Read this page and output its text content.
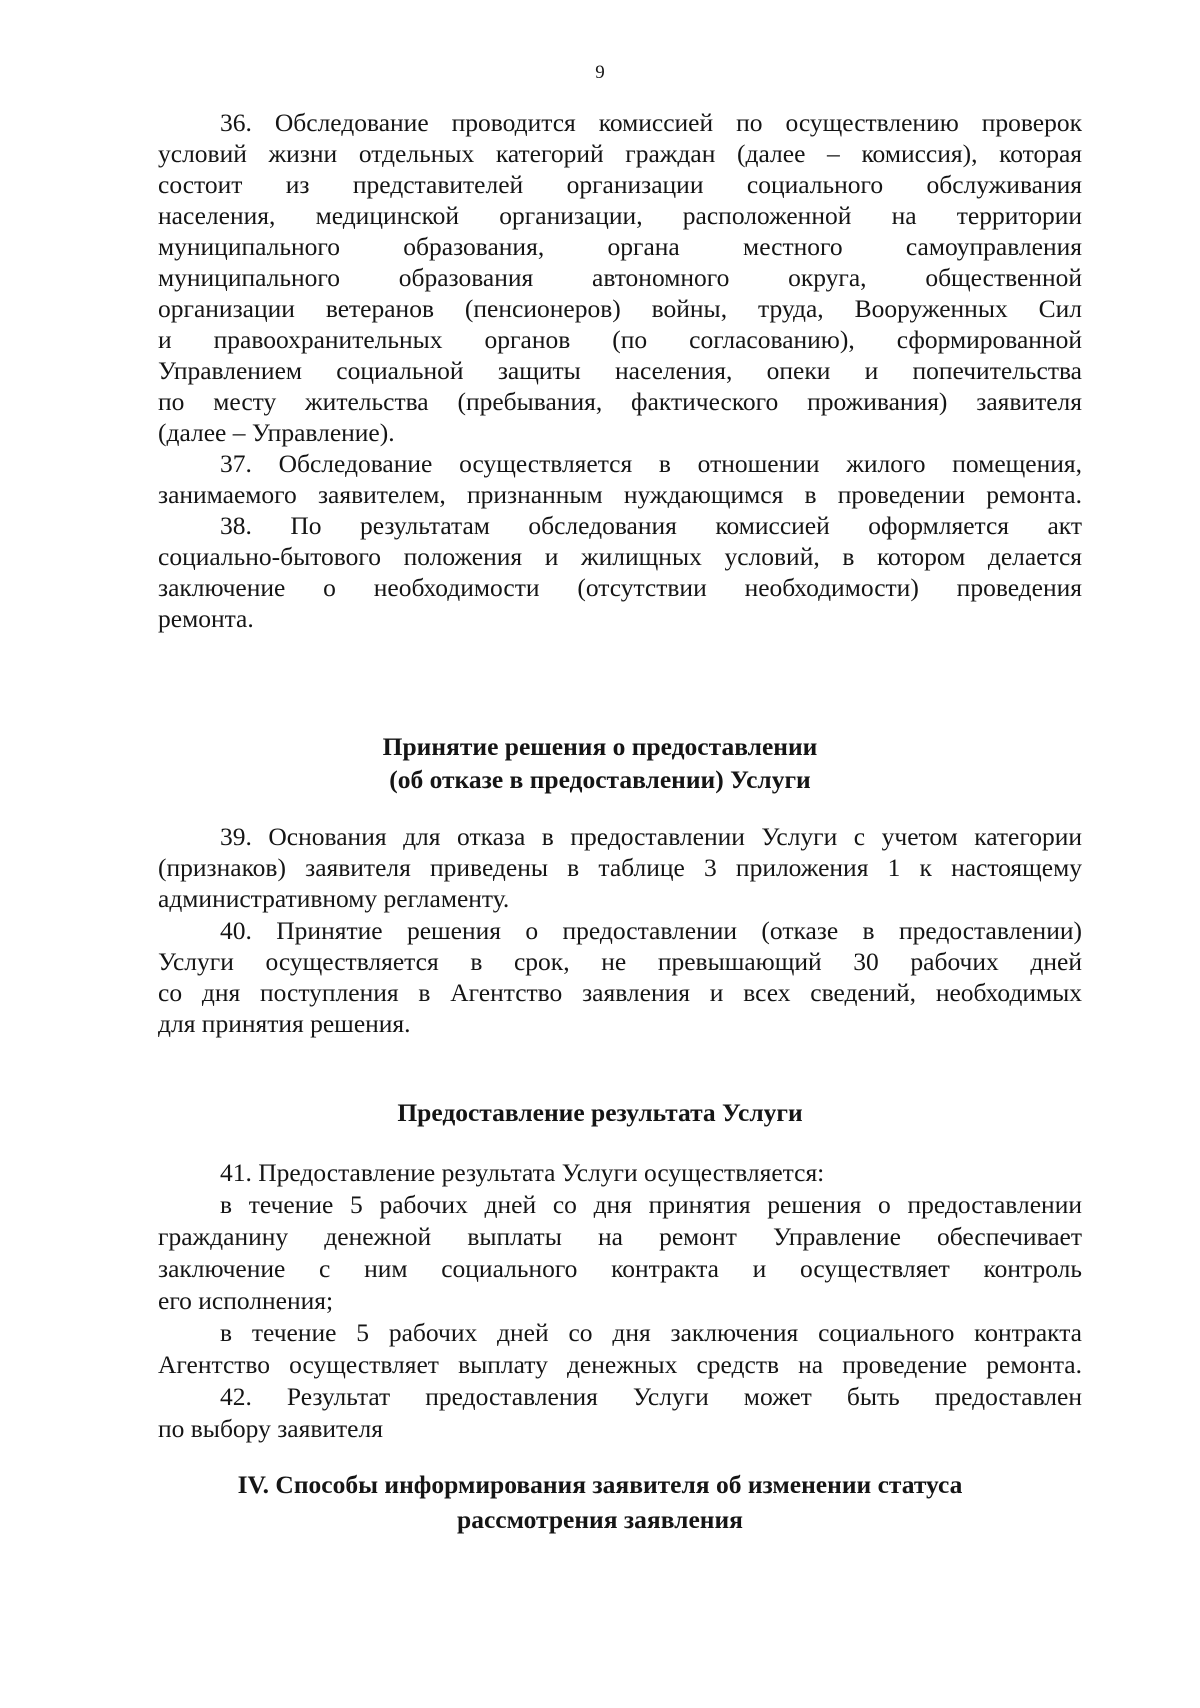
9
36. Обследование проводится комиссией по осуществлению проверок
условий жизни отдельных категорий граждан (далее – комиссия), которая
состоит из представителей организации социального обслуживания
населения, медицинской организации, расположенной на территории
муниципального образования, органа местного самоуправления
муниципального образования автономного округа, общественной
организации ветеранов (пенсионеров) войны, труда, Вооруженных Сил
и правоохранительных органов (по согласованию), сформированной
Управлением социальной защиты населения, опеки и попечительства
по месту жительства (пребывания, фактического проживания) заявителя
(далее – Управление).
37. Обследование осуществляется в отношении жилого помещения,
занимаемого заявителем, признанным нуждающимся в проведении ремонта.
38. По результатам обследования комиссией оформляется акт
социально-бытового положения и жилищных условий, в котором делается
заключение о необходимости (отсутствии необходимости) проведения
ремонта.
Принятие решения о предоставлении
(об отказе в предоставлении) Услуги
39. Основания для отказа в предоставлении Услуги с учетом категории
(признаков) заявителя приведены в таблице 3 приложения 1 к настоящему
административному регламенту.
40. Принятие решения о предоставлении (отказе в предоставлении)
Услуги осуществляется в срок, не превышающий 30 рабочих дней
со дня поступления в Агентство заявления и всех сведений, необходимых
для принятия решения.
Предоставление результата Услуги
41. Предоставление результата Услуги осуществляется:
в течение 5 рабочих дней со дня принятия решения о предоставлении
гражданину денежной выплаты на ремонт Управление обеспечивает
заключение с ним социального контракта и осуществляет контроль
его исполнения;
в течение 5 рабочих дней со дня заключения социального контракта
Агентство осуществляет выплату денежных средств на проведение ремонта.
42. Результат предоставления Услуги может быть предоставлен
по выбору заявителя
IV. Способы информирования заявителя об изменении статуса
рассмотрения заявления
